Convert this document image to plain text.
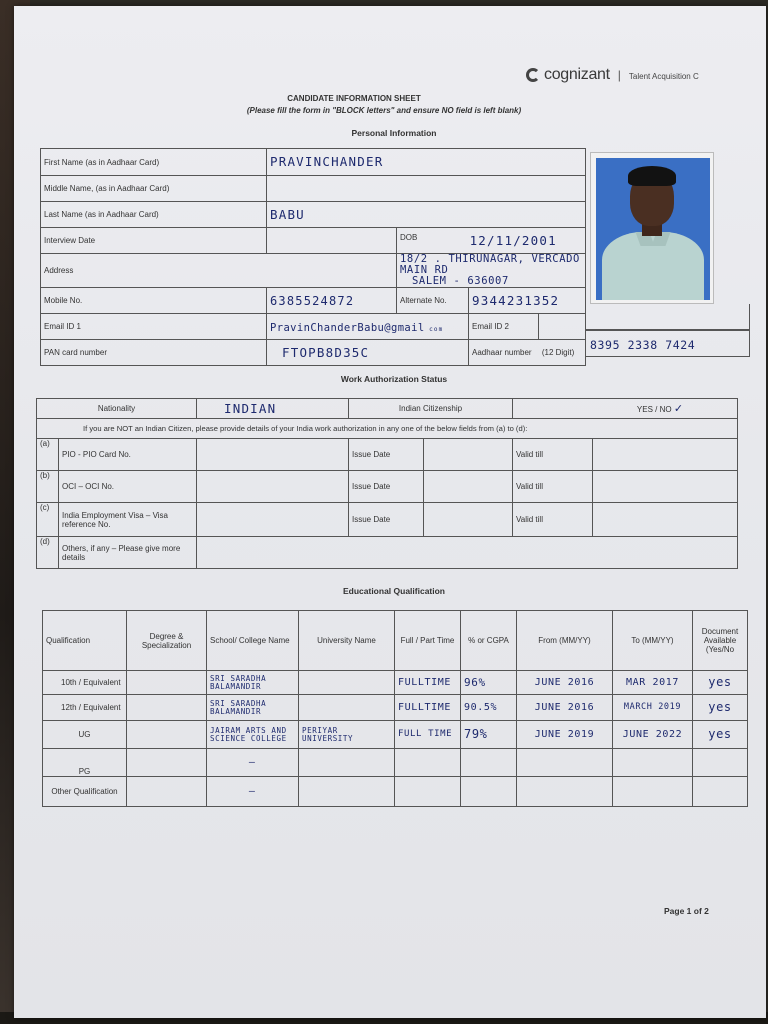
cognizant | Talent Acquisition C
CANDIDATE INFORMATION SHEET
(Please fill the form in "BLOCK letters" and ensure NO field is left blank)
Personal Information
First Name (as in Aadhaar Card)	PRAVINCHANDER			
Middle Name, (as in Aadhaar Card)				
Last Name (as in Aadhaar Card)	BABU			
Interview Date		DOB 12/11/2001		
Address		18/2 . THIRUNAGAR, VERCADO MAIN RD
SALEM - 636007		

Mobile No.	6385524872	Alternate No.	9344231352	
Email ID 1	PravinChanderBabu@gmail com		Email ID 2	
PAN card number	FTOPB8D35C		Aadhaar number (12 Digit)	
8395 2338 7424
Work Authorization Status
Nationality		INDIAN	Indian Citizenship		YES / NO ✓	
If you are NOT an Indian Citizen, please provide details of your India work authorization in any one of the below fields from (a) to (d):						
(a)	PIO - PIO Card No.		Issue Date		Valid till	
(b)	OCI – OCI No.		Issue Date		Valid till	
(c)	India Employment Visa – Visa reference No.		Issue Date		Valid till	
(d)	Others, if any – Please give more details					
Educational Qualification
Qualification	Degree & Specialization	School/ College Name	University Name	Full / Part Time	% or CGPA	From (MM/YY)	To (MM/YY)	Document Available (Yes/No
10th / Equivalent		SRI SARADHA BALAMANDIR		FULLTIME	96%	JUNE 2016	MAR 2017	yes
12th / Equivalent		SRI SARADHA BALAMANDIR		FULLTIME	90.5%	JUNE 2016	MARCH 2019	yes
UG		JAIRAM ARTS AND SCIENCE COLLEGE	PERIYAR UNIVERSITY	FULL TIME	79%	JUNE 2019	JUNE 2022	yes
PG		—						
Other Qualification		—						
Page 1 of 2
